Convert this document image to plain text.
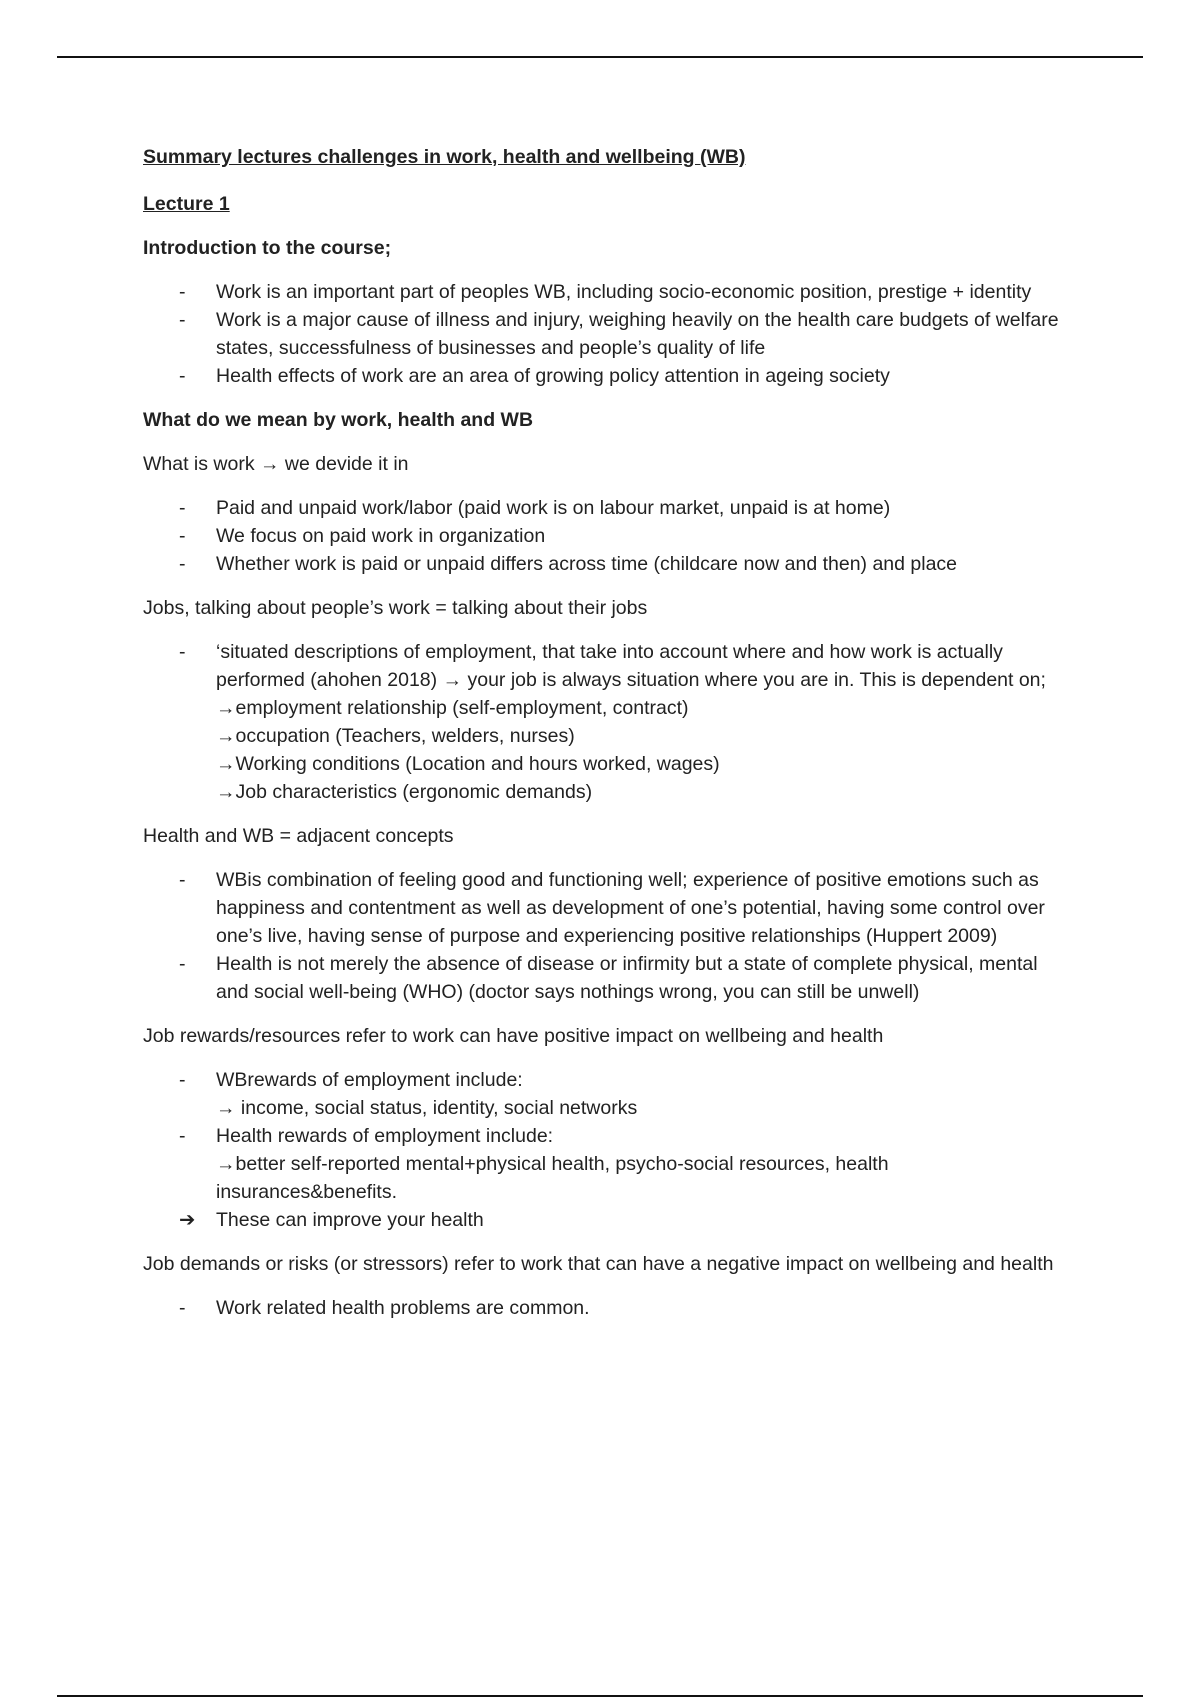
Summary lectures challenges in work, health and wellbeing (WB)

Lecture 1

Introduction to the course;

-	Work is an important part of peoples WB, including socio-economic position, prestige + identity
-	Work is a major cause of illness and injury, weighing heavily on the health care budgets of welfare states, successfulness of businesses and people’s quality of life
-	Health effects of work are an area of growing policy attention in ageing society

What do we mean by work, health and WB

What is work → we devide it in

-	Paid and unpaid work/labor (paid work is on labour market, unpaid is at home)
-	We focus on paid work in organization
-	Whether work is paid or unpaid differs across time (childcare now and then) and place

Jobs, talking about people’s work = talking about their jobs

-	‘situated descriptions of employment, that take into account where and how work is actually performed (ahohen 2018) → your job is always situation where you are in. This is dependent on;
→employment relationship (self-employment, contract)
→occupation (Teachers, welders, nurses)
→Working conditions (Location and hours worked, wages)
→Job characteristics (ergonomic demands)

Health and WB = adjacent concepts

-	WBis combination of feeling good and functioning well; experience of positive emotions such as happiness and contentment as well as development of one’s potential, having some control over one’s live, having sense of purpose and experiencing positive relationships (Huppert 2009)
-	Health is not merely the absence of disease or infirmity but a state of complete physical, mental and social well-being (WHO) (doctor says nothings wrong, you can still be unwell)

Job rewards/resources refer to work can have positive impact on wellbeing and health

-	WBrewards of employment include:
→ income, social status, identity, social networks
-	Health rewards of employment include:
→better self-reported mental+physical health, psycho-social resources, health insurances&benefits.
➔ These can improve your health

Job demands or risks (or stressors) refer to work that can have a negative impact on wellbeing and health

-	Work related health problems are common.
